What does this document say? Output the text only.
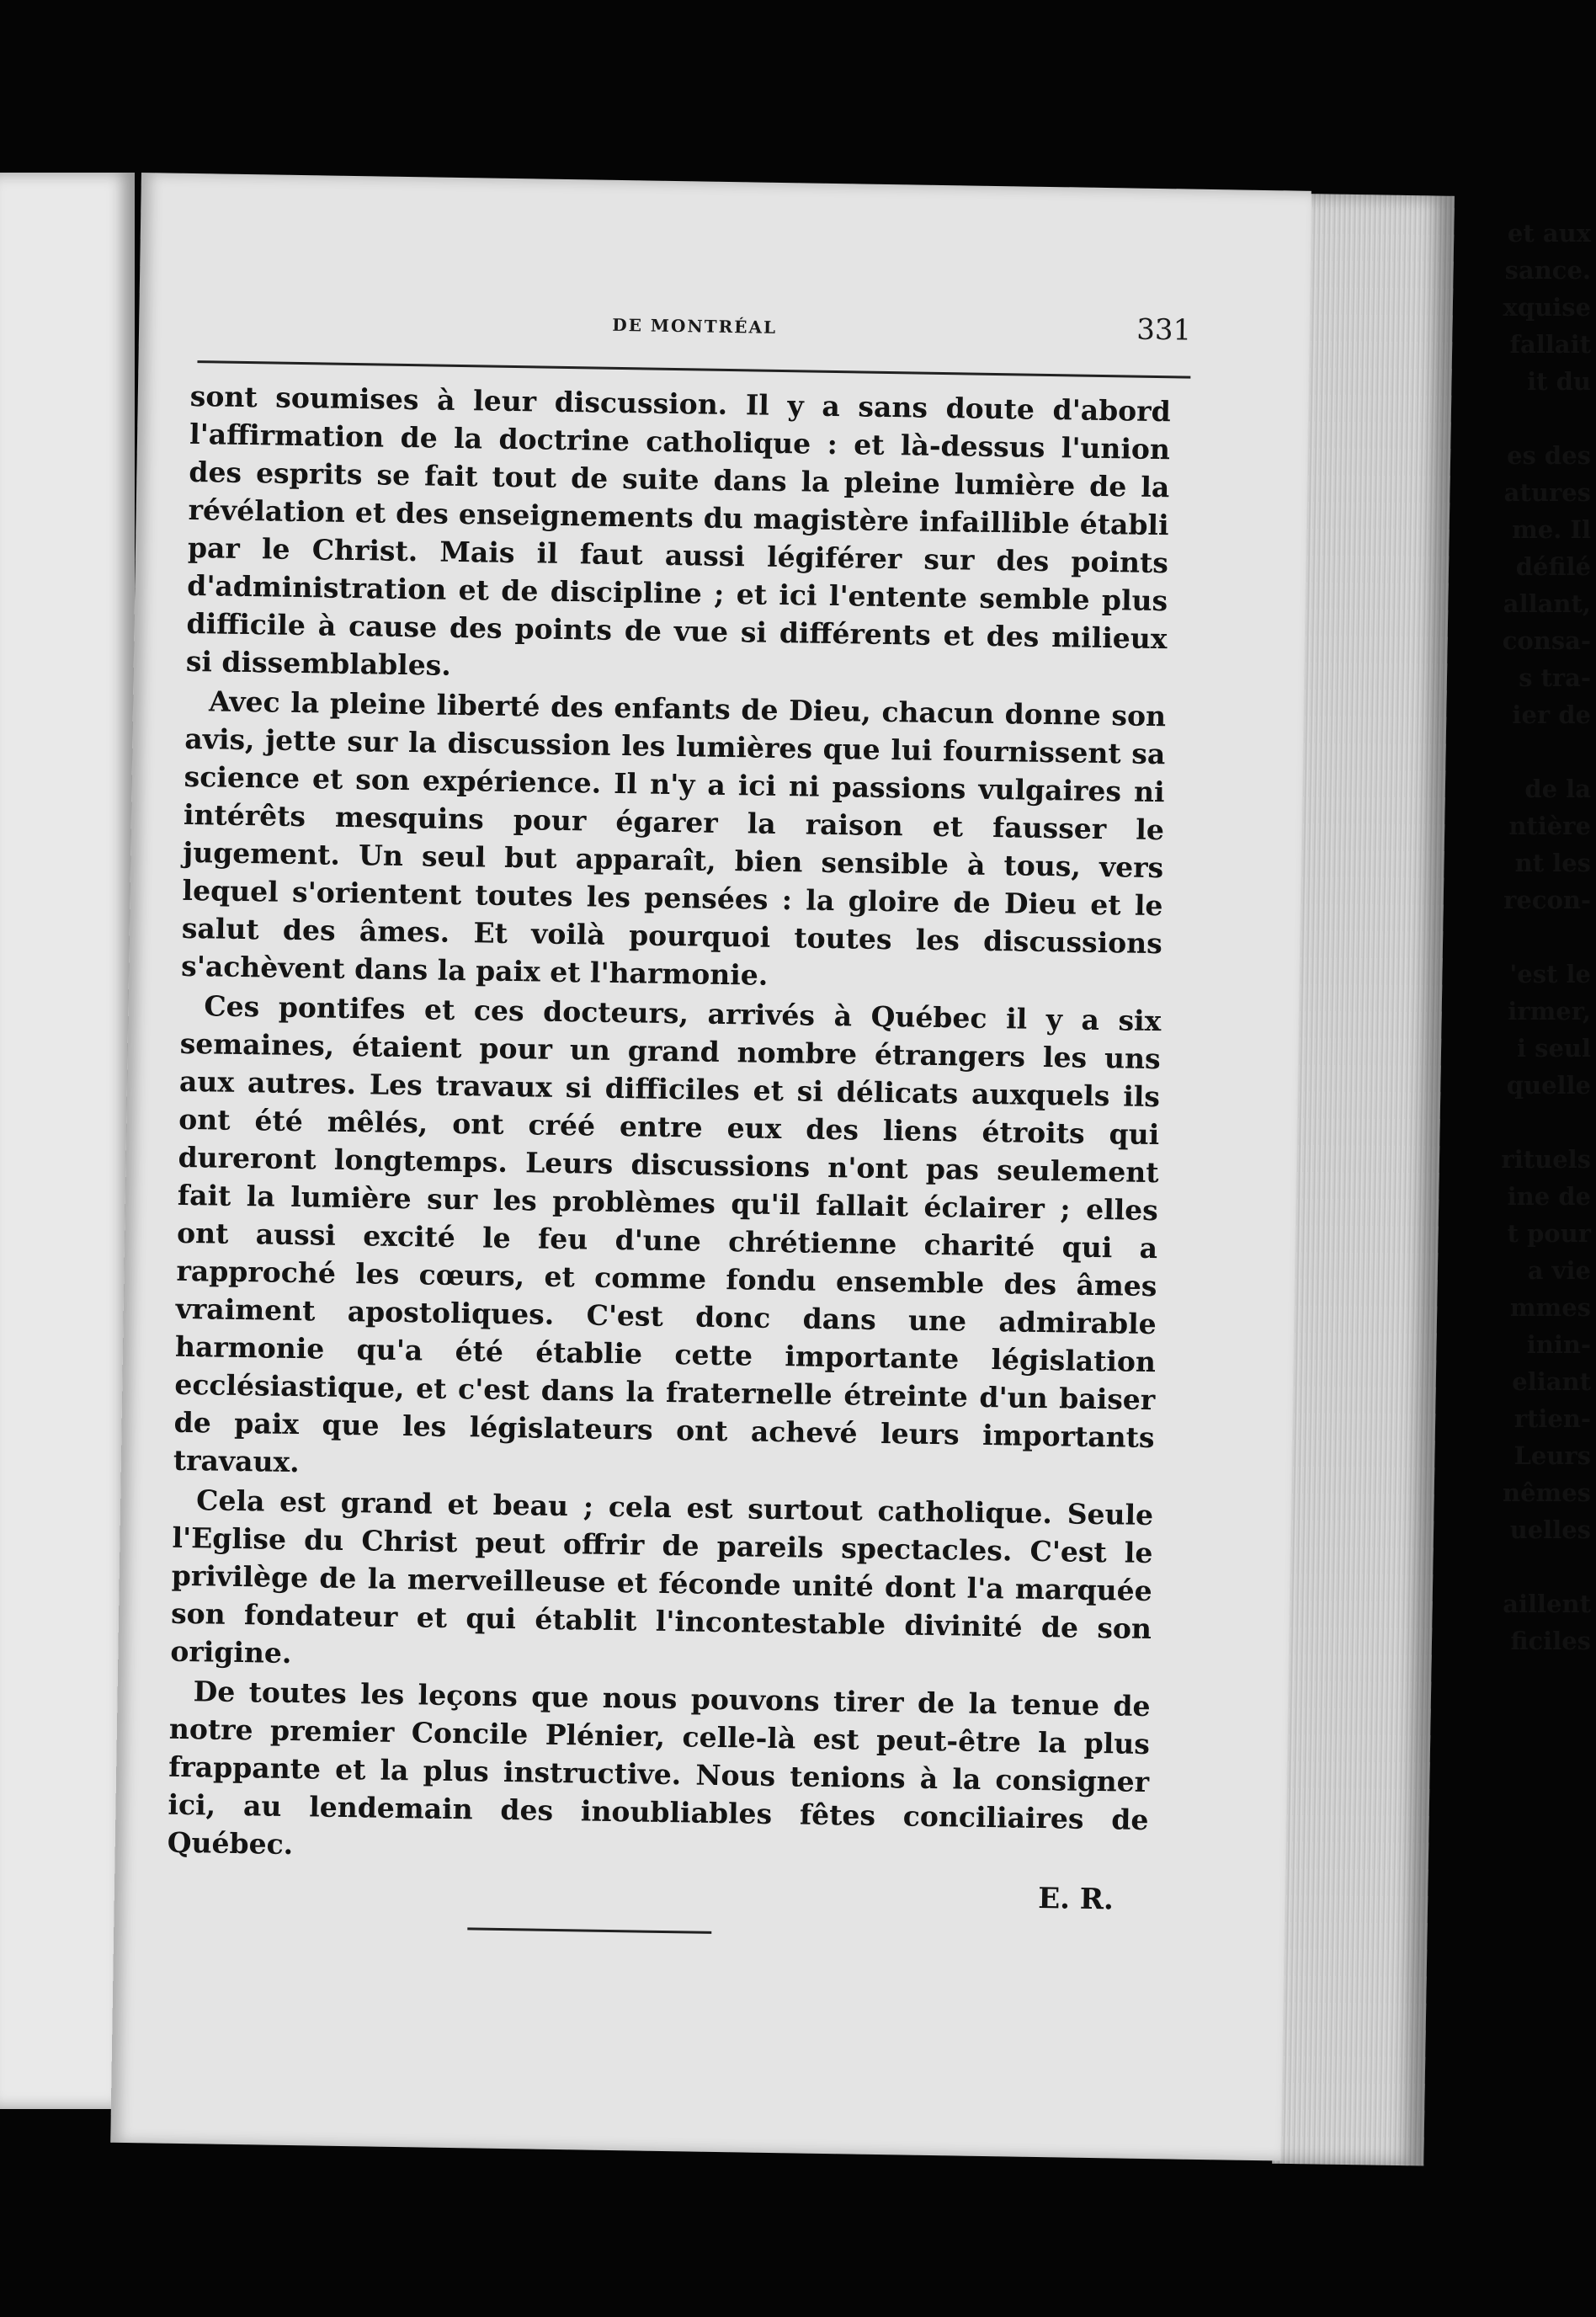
et aux
sance.
xquise
fallait
it du
es des
atures
me. Il
défilé
allant,
consa-
s tra-
ier de
de la
ntière
nt les
recon-
'est le
irmer,
i seul
quelle
rituels
ine de
t pour
a vie
mmes
inin-
eliant
rtien-
Leurs
nêmes
uelles
aillent
ficiles
DE MONTRÉAL	331

sont soumises à leur discussion. Il y a sans doute d'abord l'affirmation de la doctrine catholique : et là-dessus l'union des esprits se fait tout de suite dans la pleine lumière de la révélation et des enseignements du magistère infaillible établi par le Christ. Mais il faut aussi légiférer sur des points d'administration et de discipline ; et ici l'entente semble plus difficile à cause des points de vue si différents et des milieux si dissemblables.

Avec la pleine liberté des enfants de Dieu, chacun donne son avis, jette sur la discussion les lumières que lui fournissent sa science et son expérience. Il n'y a ici ni passions vulgaires ni intérêts mesquins pour égarer la raison et fausser le jugement. Un seul but apparaît, bien sensible à tous, vers lequel s'orientent toutes les pensées : la gloire de Dieu et le salut des âmes. Et voilà pourquoi toutes les discussions s'achèvent dans la paix et l'harmonie.

Ces pontifes et ces docteurs, arrivés à Québec il y a six semaines, étaient pour un grand nombre étrangers les uns aux autres. Les travaux si difficiles et si délicats auxquels ils ont été mêlés, ont créé entre eux des liens étroits qui dureront longtemps. Leurs discussions n'ont pas seulement fait la lumière sur les problèmes qu'il fallait éclairer ; elles ont aussi excité le feu d'une chrétienne charité qui a rapproché les cœurs, et comme fondu ensemble des âmes vraiment apostoliques. C'est donc dans une admirable harmonie qu'a été établie cette importante législation ecclésiastique, et c'est dans la fraternelle étreinte d'un baiser de paix que les législateurs ont achevé leurs importants travaux.

Cela est grand et beau ; cela est surtout catholique. Seule l'Eglise du Christ peut offrir de pareils spectacles. C'est le privilège de la merveilleuse et féconde unité dont l'a marquée son fondateur et qui établit l'incontestable divinité de son origine.

De toutes les leçons que nous pouvons tirer de la tenue de notre premier Concile Plénier, celle-là est peut-être la plus frappante et la plus instructive. Nous tenions à la consigner ici, au lendemain des inoubliables fêtes conciliaires de Québec.

E. R.
